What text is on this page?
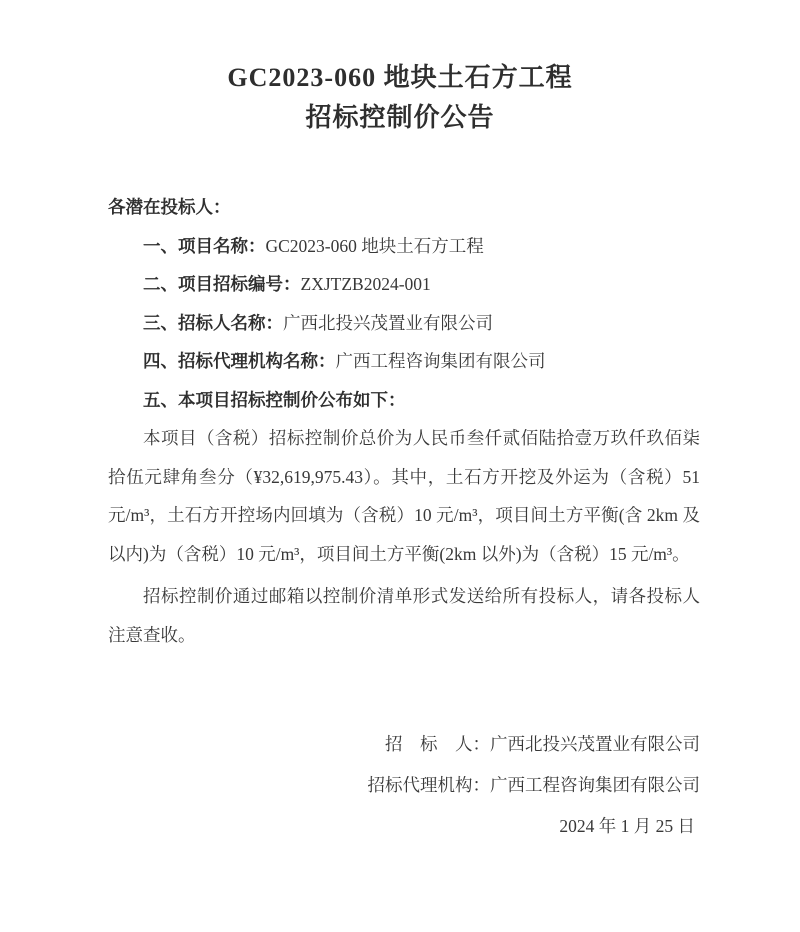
GC2023-060 地块土石方工程
招标控制价公告
各潜在投标人：
一、项目名称：GC2023-060 地块土石方工程
二、项目招标编号：ZXJTZB2024-001
三、招标人名称：广西北投兴茂置业有限公司
四、招标代理机构名称：广西工程咨询集团有限公司
五、本项目招标控制价公布如下：
本项目（含税）招标控制价总价为人民币叁仟贰佰陆拾壹万玖仟玖佰柒拾伍元肆角叁分（¥32,619,975.43）。其中，土石方开挖及外运为（含税）51 元/m³，土石方开控场内回填为（含税）10 元/m³，项目间土方平衡(含 2km 及以内)为（含税）10 元/m³，项目间土方平衡(2km 以外)为（含税）15 元/m³。
招标控制价通过邮箱以控制价清单形式发送给所有投标人，请各投标人注意查收。
招　标　人：广西北投兴茂置业有限公司
招标代理机构：广西工程咨询集团有限公司
2024 年 1 月 25 日
